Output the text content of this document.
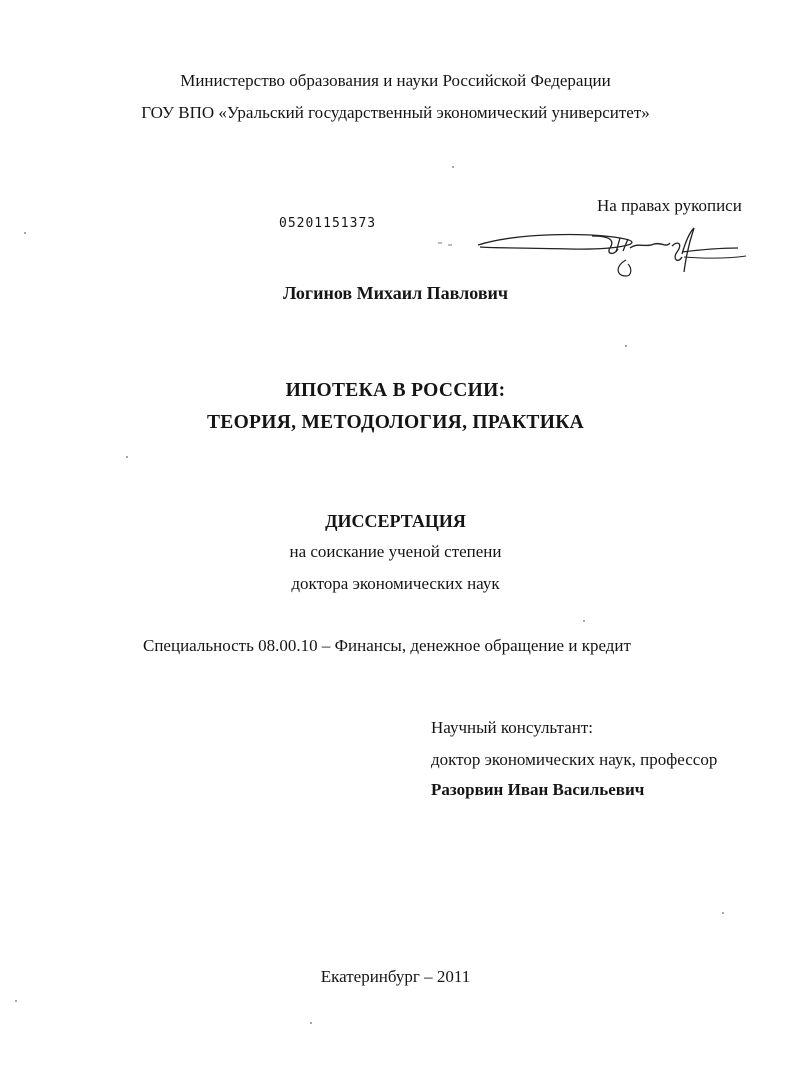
Министерство образования и науки Российской Федерации
ГОУ ВПО «Уральский государственный экономический университет»
На правах рукописи
05201151373
Логинов Михаил Павлович
ИПОТЕКА В РОССИИ:
ТЕОРИЯ, МЕТОДОЛОГИЯ, ПРАКТИКА
ДИССЕРТАЦИЯ
на соискание ученой степени
доктора экономических наук
Специальность 08.00.10 – Финансы, денежное обращение и кредит
Научный консультант:
доктор экономических наук, профессор
Разорвин Иван Васильевич
Екатеринбург – 2011
